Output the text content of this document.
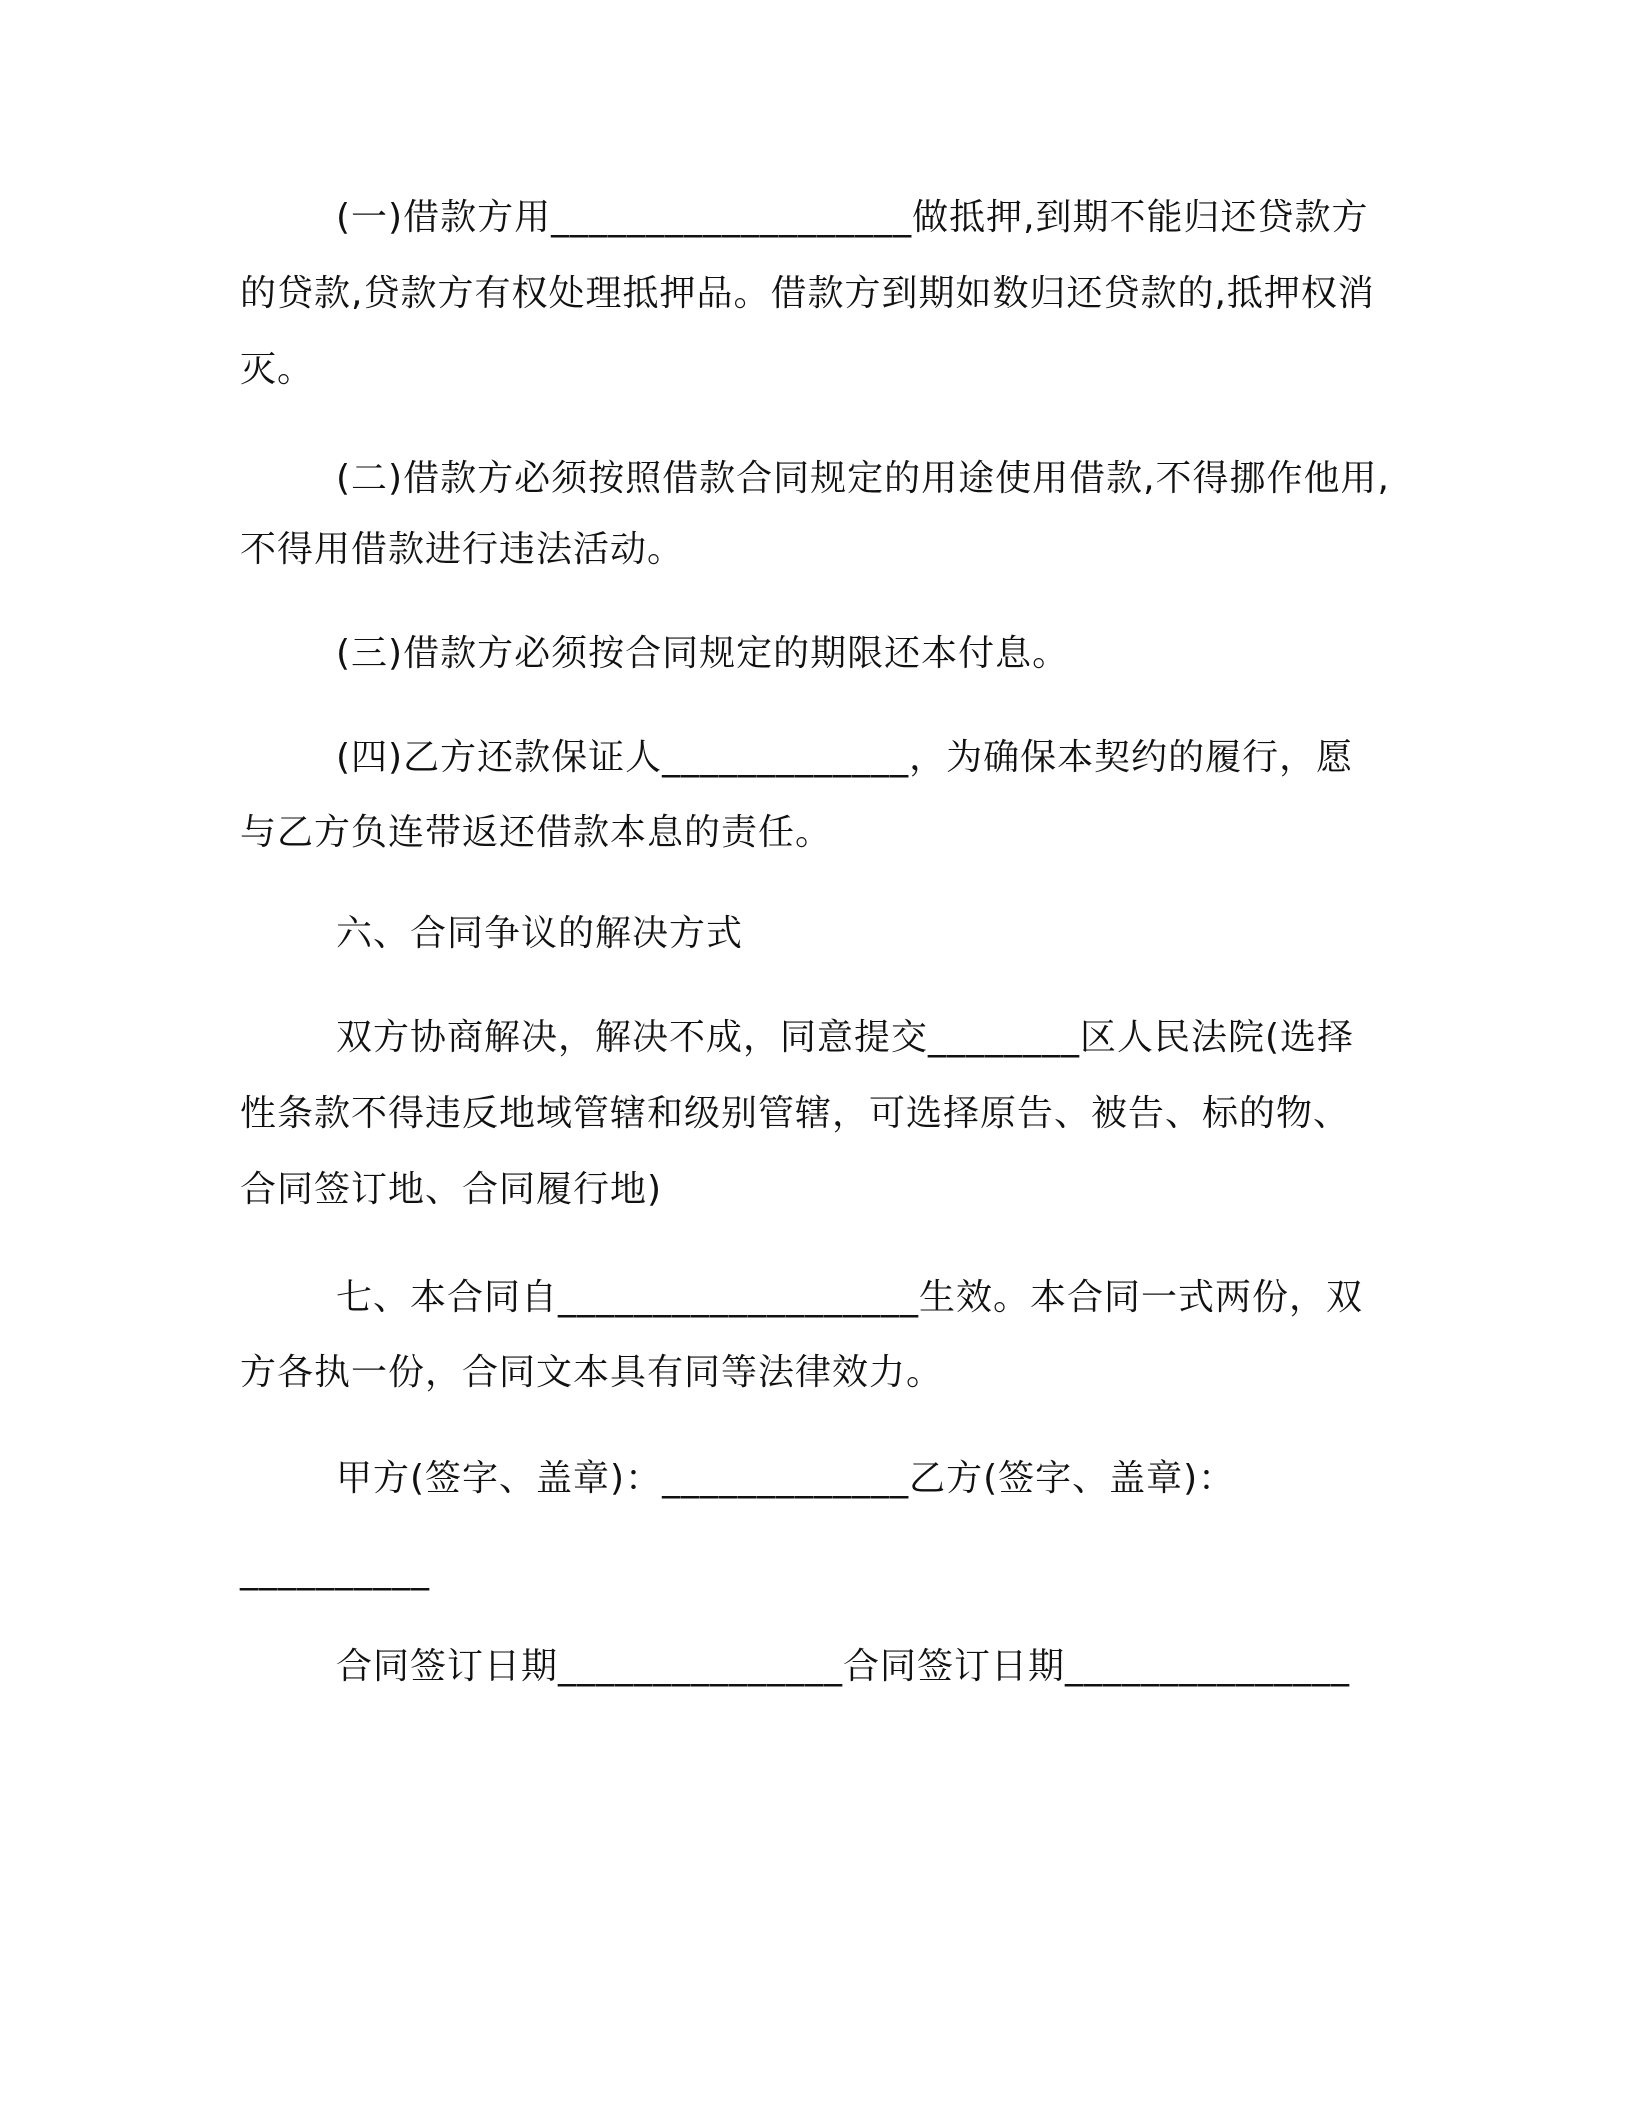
(一)借款方用___________________做抵押,到期不能归还贷款方
的贷款,贷款方有权处理抵押品。借款方到期如数归还贷款的,抵押权消
灭。
(二)借款方必须按照借款合同规定的用途使用借款,不得挪作他用,
不得用借款进行违法活动。
(三)借款方必须按合同规定的期限还本付息。
(四)乙方还款保证人_____________，为确保本契约的履行，愿
与乙方负连带返还借款本息的责任。
六、合同争议的解决方式
双方协商解决，解决不成，同意提交________区人民法院(选择
性条款不得违反地域管辖和级别管辖，可选择原告、被告、标的物、
合同签订地、合同履行地)
七、本合同自___________________生效。本合同一式两份，双
方各执一份，合同文本具有同等法律效力。
甲方(签字、盖章)：_____________乙方(签字、盖章)：
__________
合同签订日期_______________合同签订日期_______________
